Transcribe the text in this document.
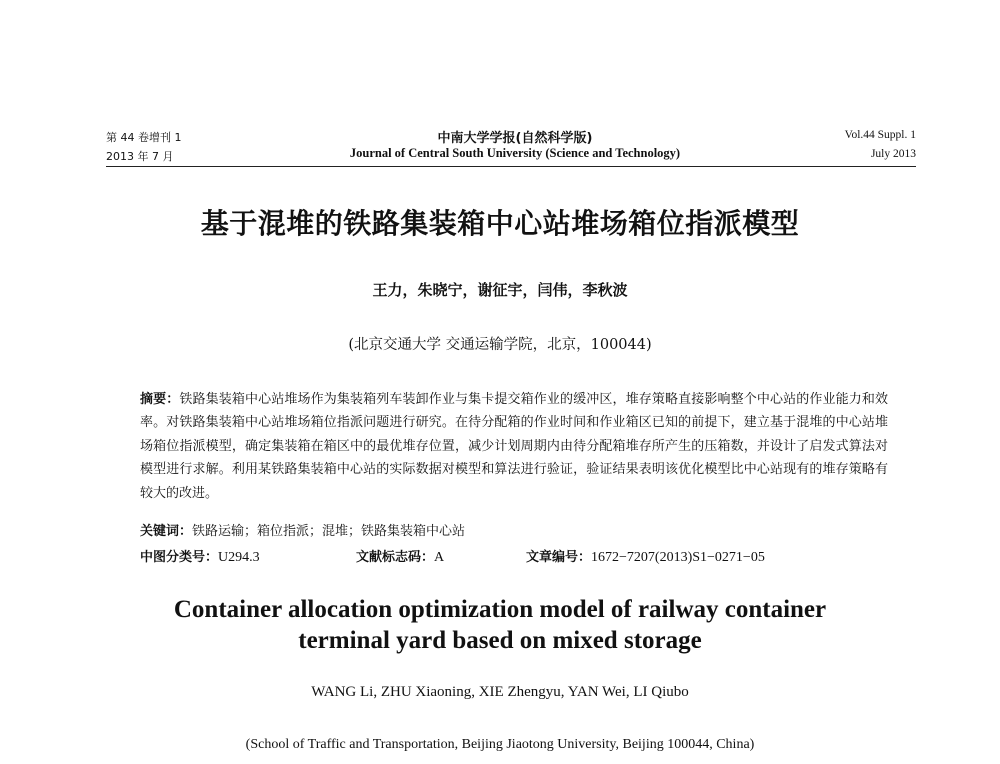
第 44 卷增刊 1
2013 年 7 月
中南大学学报(自然科学版)
Journal of Central South University (Science and Technology)
Vol.44 Suppl. 1
July 2013
基于混堆的铁路集装箱中心站堆场箱位指派模型
王力，朱晓宁，谢征宇，闫伟，李秋波
(北京交通大学 交通运输学院，北京，100044)
摘要：铁路集装箱中心站堆场作为集装箱列车装卸作业与集卡提交箱作业的缓冲区，堆存策略直接影响整个中心站的作业能力和效率。对铁路集装箱中心站堆场箱位指派问题进行研究。在待分配箱的作业时间和作业箱区已知的前提下，建立基于混堆的中心站堆场箱位指派模型，确定集装箱在箱区中的最优堆存位置，减少计划周期内由待分配箱堆存所产生的压箱数，并设计了启发式算法对模型进行求解。利用某铁路集装箱中心站的实际数据对模型和算法进行验证，验证结果表明该优化模型比中心站现有的堆存策略有较大的改进。
关键词：铁路运输；箱位指派；混堆；铁路集装箱中心站
中图分类号：U294.3	文献标志码：A	文章编号：1672−7207(2013)S1−0271−05
Container allocation optimization model of railway container
terminal yard based on mixed storage
WANG Li, ZHU Xiaoning, XIE Zhengyu, YAN Wei, LI Qiubo
(School of Traffic and Transportation, Beijing Jiaotong University, Beijing 100044, China)
